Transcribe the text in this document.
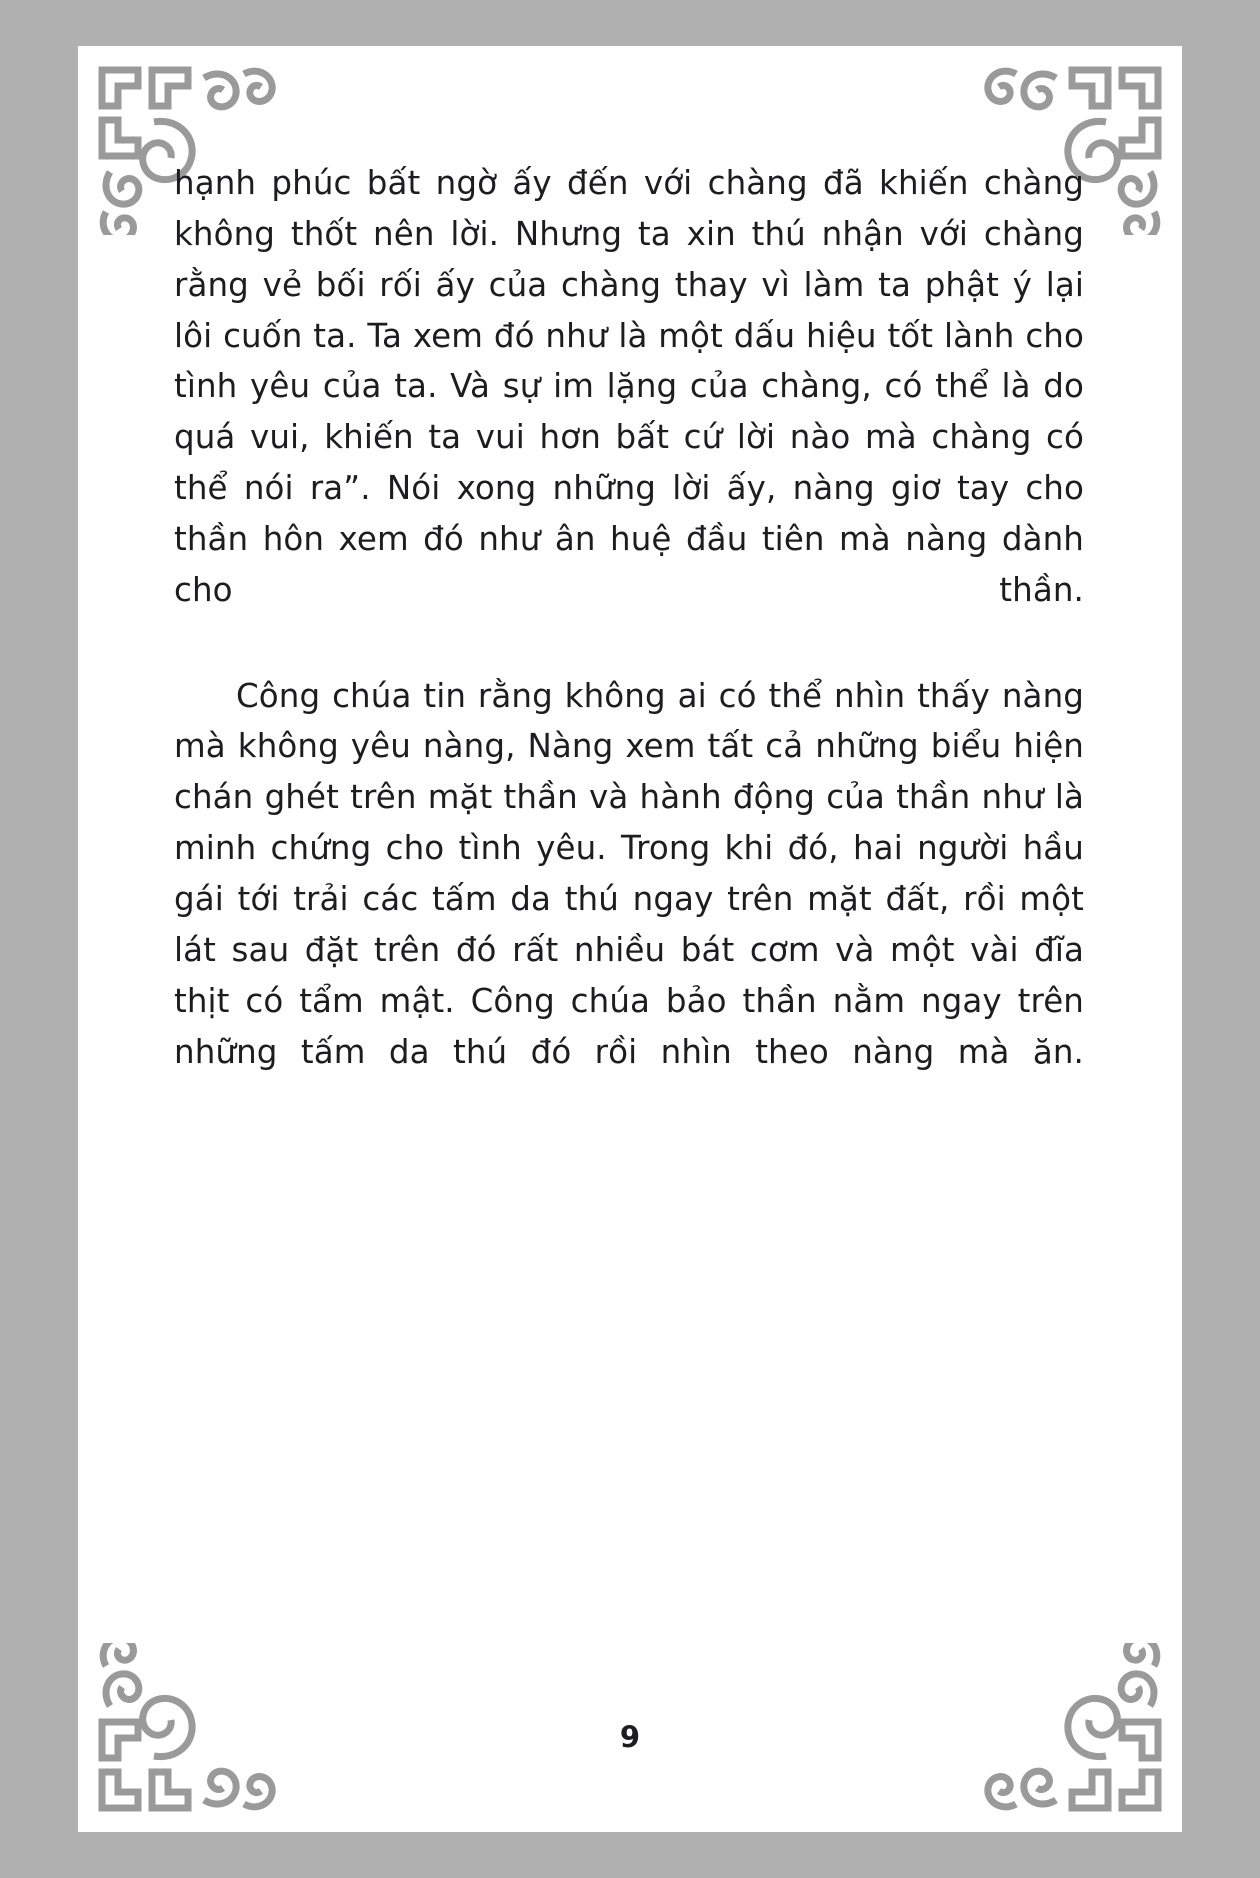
hạnh phúc bất ngờ ấy đến với chàng đã khiến chàng không thốt nên lời. Nhưng ta xin thú nhận với chàng rằng vẻ bối rối ấy của chàng thay vì làm ta phật ý lại lôi cuốn ta. Ta xem đó như là một dấu hiệu tốt lành cho tình yêu của ta. Và sự im lặng của chàng, có thể là do quá vui, khiến ta vui hơn bất cứ lời nào mà chàng có thể nói ra”. Nói xong những lời ấy, nàng giơ tay cho thần hôn xem đó như ân huệ đầu tiên mà nàng dành cho thần.

Công chúa tin rằng không ai có thể nhìn thấy nàng mà không yêu nàng, Nàng xem tất cả những biểu hiện chán ghét trên mặt thần và hành động của thần như là minh chứng cho tình yêu. Trong khi đó, hai người hầu gái tới trải các tấm da thú ngay trên mặt đất, rồi một lát sau đặt trên đó rất nhiều bát cơm và một vài đĩa thịt có tẩm mật. Công chúa bảo thần nằm ngay trên những tấm da thú đó rồi nhìn theo nàng mà ăn.

9
